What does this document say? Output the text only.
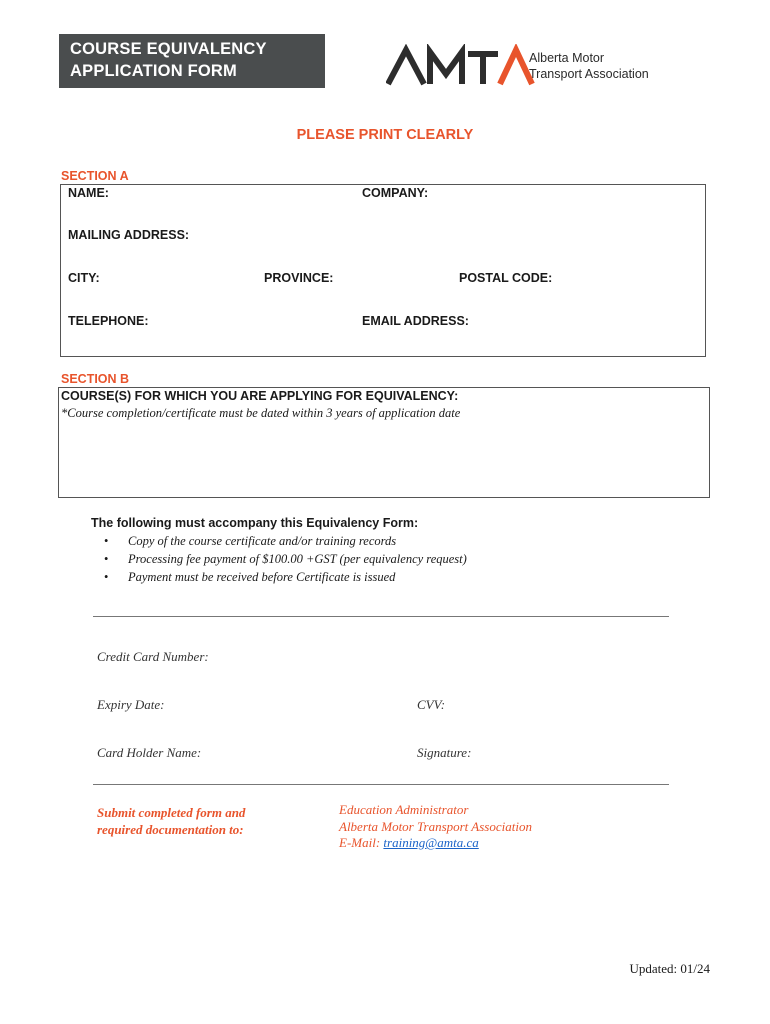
COURSE EQUIVALENCY
APPLICATION FORM
Alberta Motor
Transport Association
PLEASE PRINT CLEARLY
SECTION A
NAME:	COMPANY:
MAILING ADDRESS:
CITY:	PROVINCE:	POSTAL CODE:
TELEPHONE:	EMAIL ADDRESS:
SECTION B
COURSE(S) FOR WHICH YOU ARE APPLYING FOR EQUIVALENCY:
*Course completion/certificate must be dated within 3 years of application date
The following must accompany this Equivalency Form:
• Copy of the course certificate and/or training records
• Processing fee payment of $100.00 +GST (per equivalency request)
• Payment must be received before Certificate is issued
Credit Card Number:
Expiry Date:	CVV:
Card Holder Name:	Signature:
Submit completed form and
required documentation to:
Education Administrator
Alberta Motor Transport Association
E-Mail: training@amta.ca
Updated: 01/24
